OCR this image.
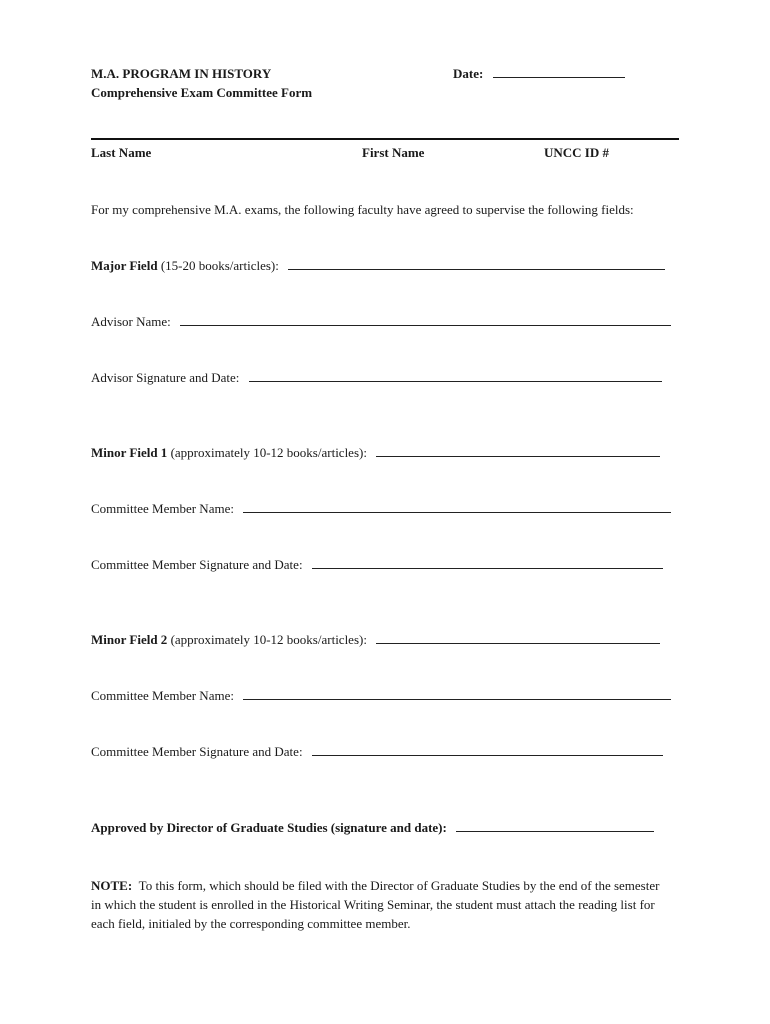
M.A. PROGRAM IN HISTORY
Comprehensive Exam Committee Form
Date:
Last Name	First Name	UNCC ID #
For my comprehensive M.A. exams, the following faculty have agreed to supervise the following fields:
Major Field (15-20 books/articles):
Advisor Name:
Advisor Signature and Date:
Minor Field 1 (approximately 10-12 books/articles):
Committee Member Name:
Committee Member Signature and Date:
Minor Field 2 (approximately 10-12 books/articles):
Committee Member Name:
Committee Member Signature and Date:
Approved by Director of Graduate Studies (signature and date):
NOTE: To this form, which should be filed with the Director of Graduate Studies by the end of the semester in which the student is enrolled in the Historical Writing Seminar, the student must attach the reading list for each field, initialed by the corresponding committee member.
